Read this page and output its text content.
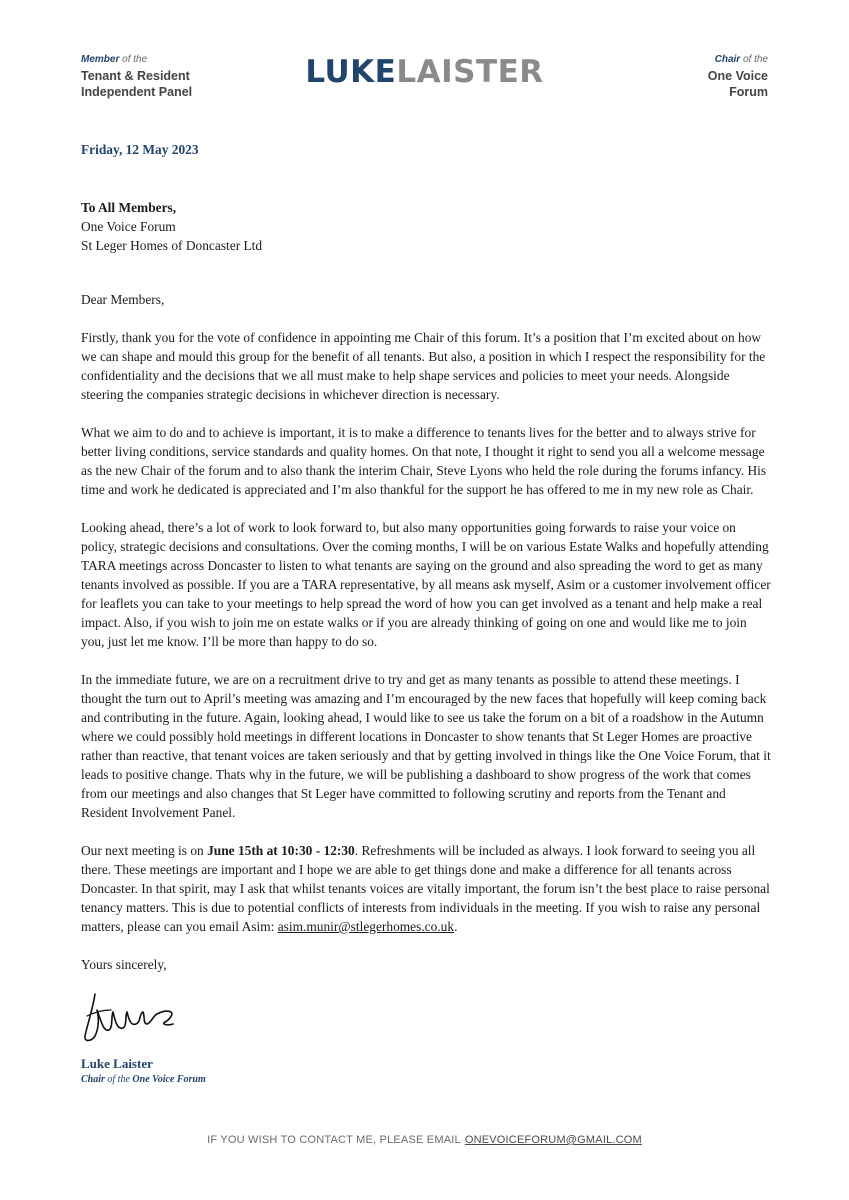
Member of the
Tenant & Resident
Independent Panel
LUKELAISTER	Chair of the
One Voice
Forum
Friday, 12 May 2023
To All Members,
One Voice Forum
St Leger Homes of Doncaster Ltd
Dear Members,

Firstly, thank you for the vote of confidence in appointing me Chair of this forum. It’s a position that I’m excited about on how we can shape and mould this group for the benefit of all tenants. But also, a position in which I respect the responsibility for the confidentiality and the decisions that we all must make to help shape services and policies to meet your needs. Alongside steering the companies strategic decisions in whichever direction is necessary.

What we aim to do and to achieve is important, it is to make a difference to tenants lives for the better and to always strive for better living conditions, service standards and quality homes. On that note, I thought it right to send you all a welcome message as the new Chair of the forum and to also thank the interim Chair, Steve Lyons who held the role during the forums infancy. His time and work he dedicated is appreciated and I’m also thankful for the support he has offered to me in my new role as Chair.

Looking ahead, there’s a lot of work to look forward to, but also many opportunities going forwards to raise your voice on policy, strategic decisions and consultations. Over the coming months, I will be on various Estate Walks and hopefully attending TARA meetings across Doncaster to listen to what tenants are saying on the ground and also spreading the word to get as many tenants involved as possible. If you are a TARA representative, by all means ask myself, Asim or a customer involvement officer for leaflets you can take to your meetings to help spread the word of how you can get involved as a tenant and help make a real impact. Also, if you wish to join me on estate walks or if you are already thinking of going on one and would like me to join you, just let me know. I’ll be more than happy to do so.

In the immediate future, we are on a recruitment drive to try and get as many tenants as possible to attend these meetings. I thought the turn out to April’s meeting was amazing and I’m encouraged by the new faces that hopefully will keep coming back and contributing in the future. Again, looking ahead, I would like to see us take the forum on a bit of a roadshow in the Autumn where we could possibly hold meetings in different locations in Doncaster to show tenants that St Leger Homes are proactive rather than reactive, that tenant voices are taken seriously and that by getting involved in things like the One Voice Forum, that it leads to positive change. Thats why in the future, we will be publishing a dashboard to show progress of the work that comes from our meetings and also changes that St Leger have committed to following scrutiny and reports from the Tenant and Resident Involvement Panel.

Our next meeting is on June 15th at 10:30 - 12:30. Refreshments will be included as always. I look forward to seeing you all there. These meetings are important and I hope we are able to get things done and make a difference for all tenants across Doncaster. In that spirit, may I ask that whilst tenants voices are vitally important, the forum isn’t the best place to raise personal tenancy matters. This is due to potential conflicts of interests from individuals in the meeting. If you wish to raise any personal matters, please can you email Asim: asim.munir@stlegerhomes.co.uk.

Yours sincerely,

Luke Laister
Chair of the One Voice Forum
IF YOU WISH TO CONTACT ME, PLEASE EMAIL ONEVOICEFORUM@GMAIL.COM
